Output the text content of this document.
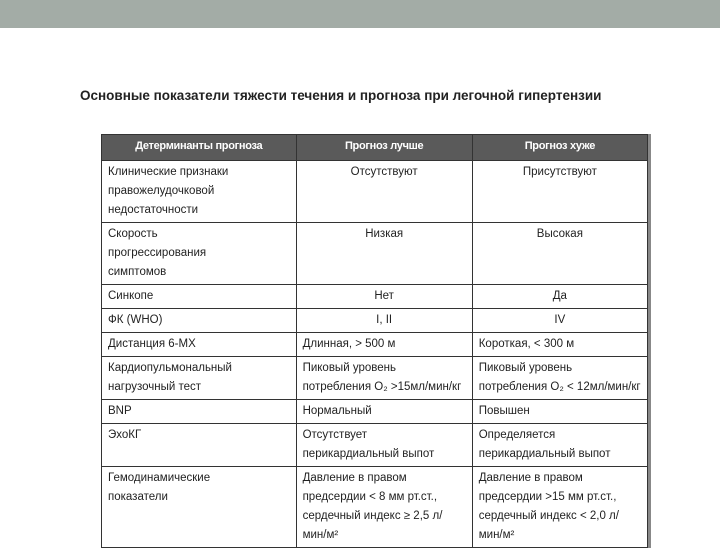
Основные показатели тяжести течения и прогноза при легочной гипертензии
Детерминанты прогноза	Прогноз лучше	Прогноз хуже
Клинические признаки правожелудочковой недостаточности	Отсутствуют	Присутствуют
Скорость прогрессирования симптомов	Низкая	Высокая
Синкопе	Нет	Да
ФК (WHO)	I, II	IV
Дистанция 6-МХ	Длинная, > 500 м	Короткая, < 300 м
Кардиопульмональный нагрузочный тест	Пиковый уровень потребления O₂ >15мл/мин/кг	Пиковый уровень потребления O₂ < 12мл/мин/кг
BNP	Нормальный	Повышен
ЭхоКГ	Отсутствует перикардиальный выпот	Определяется перикардиальный выпот
Гемодинамические показатели	Давление в правом предсердии < 8 мм рт.ст., сердечный индекс ≥ 2,5 л/мин/м²	Давление в правом предсердии >15 мм рт.ст., сердечный индекс < 2,0 л/мин/м²
